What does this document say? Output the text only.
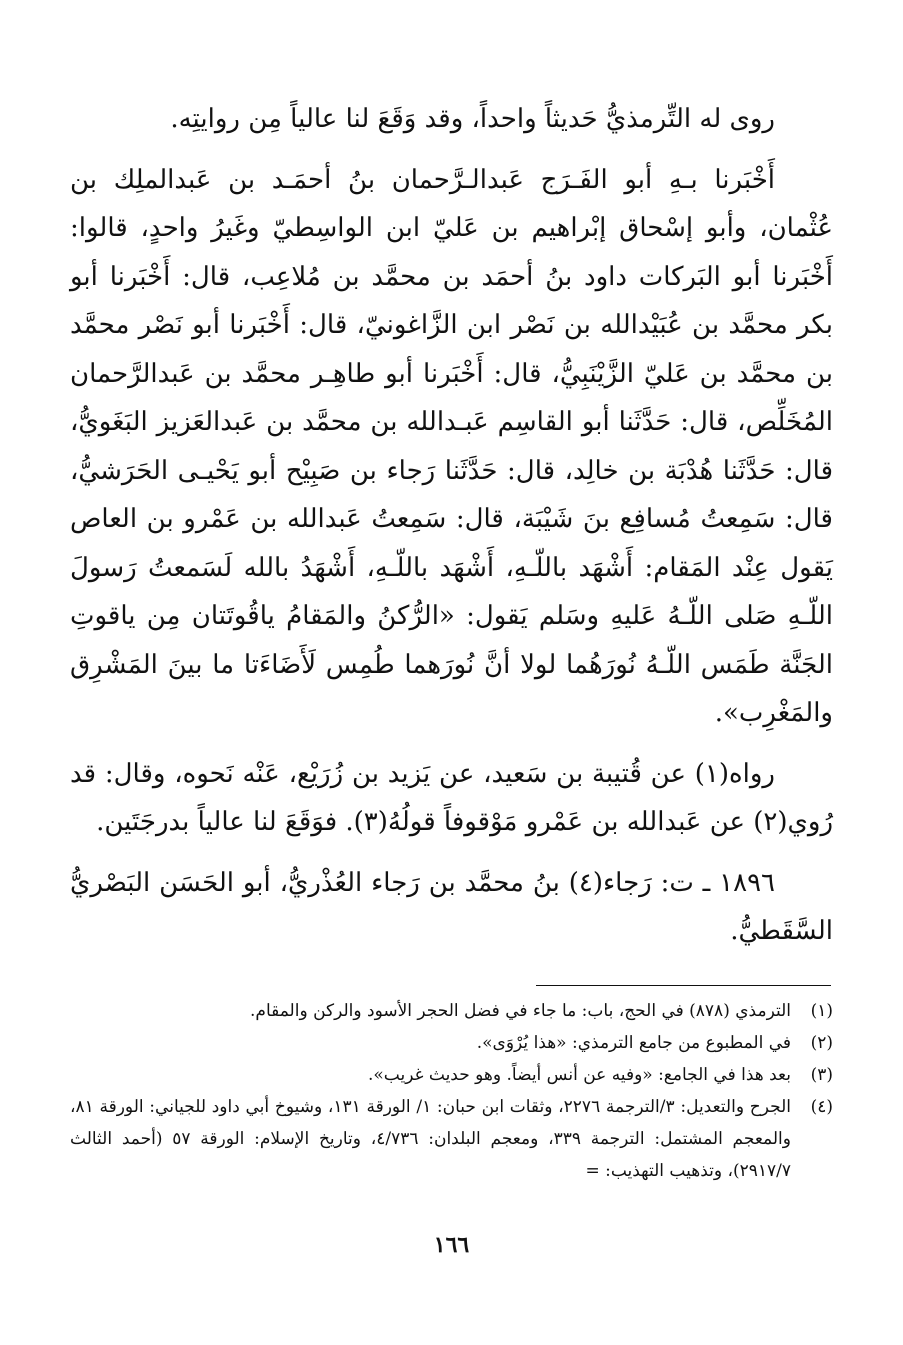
روى له التِّرمذيُّ حَديثاً واحداً، وقد وَقَعَ لنا عالياً مِن روايتِه.

أَخْبَرنا بـهِ أبو الفَـرَج عَبدالـرَّحمان بنُ أحمَـد بن عَبدالملِك بن عُثْمان، وأبو إسْحاق إبْراهيم بن عَليّ ابن الواسِطيّ وغَيرُ واحدٍ، قالوا: أَخْبَرنا أبو البَركات داود بنُ أحمَد بن محمَّد بن مُلاعِب، قال: أَخْبَرنا أبو بكر محمَّد بن عُبَيْدالله بن نَصْر ابن الزَّاغونيّ، قال: أَخْبَرنا أبو نَصْر محمَّد بن محمَّد بن عَليّ الزَّيْنَبِيُّ، قال: أَخْبَرنا أبو طاهِـر محمَّد بن عَبدالرَّحمان المُخَلِّص، قال: حَدَّثَنا أبو القاسِم عَبـدالله بن محمَّد بن عَبدالعَزيز البَغَويُّ، قال: حَدَّثَنا هُدْبَة بن خالِد، قال: حَدَّثَنا رَجاء بن صَبِيْح أبو يَحْيـى الحَرَشيُّ، قال: سَمِعتُ مُسافِع بنَ شَيْبَة، قال: سَمِعتُ عَبدالله بن عَمْرو بن العاص يَقول عِنْد المَقام: أَشْهَد باللّـهِ، أَشْهَد باللّـهِ، أَشْهَدُ بالله لَسَمعتُ رَسولَ اللّـهِ صَلى اللّـهُ عَليهِ وسَلم يَقول: «الرُّكنُ والمَقامُ ياقُوتَتان مِن ياقوتِ الجَنَّة طَمَس اللّـهُ نُورَهُما لولا أنَّ نُورَهما طُمِس لَأَضَاءَتا ما بينَ المَشْرِق والمَغْرِب».

رواه(١) عن قُتيبة بن سَعيد، عن يَزيد بن زُرَيْع، عَنْه نَحوه، وقال: قد رُوي(٢) عن عَبدالله بن عَمْرو مَوْقوفاً قولُهُ(٣). فوَقَعَ لنا عالياً بدرجَتَين.

١٨٩٦ ـ ت: رَجاء(٤) بنُ محمَّد بن رَجاء العُذْريُّ، أبو الحَسَن البَصْريُّ السَّقَطيُّ.

(١)
الترمذي (٨٧٨) في الحج، باب: ما جاء في فضل الحجر الأسود والركن والمقام.

(٢)
في المطبوع من جامع الترمذي: «هذا يُرْوَى».

(٣)
بعد هذا في الجامع: «وفيه عن أنس أيضاً. وهو حديث غريب».

(٤)
الجرح والتعديل: ٣/الترجمة ٢٢٧٦، وثقات ابن حبان: ١/ الورقة ١٣١، وشيوخ أبي داود للجياني: الورقة ٨١، والمعجم المشتمل: الترجمة ٣٣٩، ومعجم البلدان: ٤/٧٣٦، وتاريخ الإسلام: الورقة ٥٧ (أحمد الثالث ٢٩١٧/٧)، وتذهيب التهذيب: =

١٦٦
